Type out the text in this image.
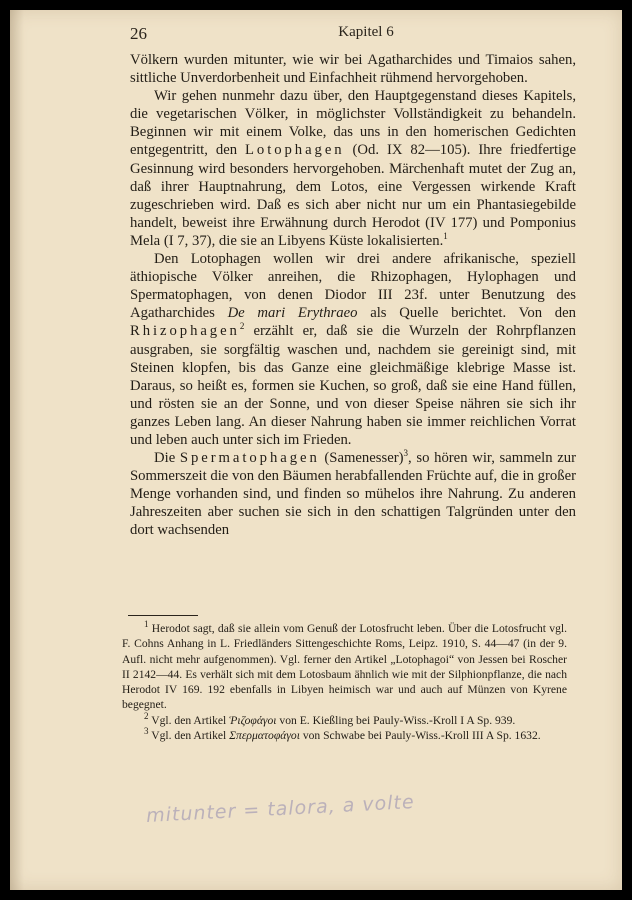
26	Kapitel 6

Völkern wurden mitunter, wie wir bei Agatharchides und Timaios sahen, sittliche Unverdorbenheit und Einfachheit rühmend hervorgehoben.

Wir gehen nunmehr dazu über, den Hauptgegenstand dieses Kapitels, die vegetarischen Völker, in möglichster Vollständigkeit zu behandeln. Beginnen wir mit einem Volke, das uns in den homerischen Gedichten entgegentritt, den Lotophagen (Od. IX 82—105). Ihre friedfertige Gesinnung wird besonders hervorgehoben. Märchenhaft mutet der Zug an, daß ihrer Hauptnahrung, dem Lotos, eine Vergessen wirkende Kraft zugeschrieben wird. Daß es sich aber nicht nur um ein Phantasiegebilde handelt, beweist ihre Erwähnung durch Herodot (IV 177) und Pomponius Mela (I 7, 37), die sie an Libyens Küste lokalisierten.$^1$

Den Lotophagen wollen wir drei andere afrikanische, speziell äthiopische Völker anreihen, die Rhizophagen, Hylophagen und Spermatophagen, von denen Diodor III 23f. unter Benutzung des Agatharchides De mari Erythraeo als Quelle berichtet. Von den Rhizophagen$^2$ erzählt er, daß sie die Wurzeln der Rohrpflanzen ausgraben, sie sorgfältig waschen und, nachdem sie gereinigt sind, mit Steinen klopfen, bis das Ganze eine gleichmäßige klebrige Masse ist. Daraus, so heißt es, formen sie Kuchen, so groß, daß sie eine Hand füllen, und rösten sie an der Sonne, und von dieser Speise nähren sie sich ihr ganzes Leben lang. An dieser Nahrung haben sie immer reichlichen Vorrat und leben auch unter sich im Frieden.

Die Spermatophagen (Samenesser)$^3$, so hören wir, sammeln zur Sommerszeit die von den Bäumen herabfallenden Früchte auf, die in großer Menge vorhanden sind, und finden so mühelos ihre Nahrung. Zu anderen Jahreszeiten aber suchen sie sich in den schattigen Talgründen unter den dort wachsenden

$^1$ Herodot sagt, daß sie allein vom Genuß der Lotosfrucht leben. Über die Lotosfrucht vgl. F. Cohns Anhang in L. Friedländers Sittengeschichte Roms, Leipz. 1910, S. 44—47 (in der 9. Aufl. nicht mehr aufgenommen). Vgl. ferner den Artikel „Lotophagoi“ von Jessen bei Roscher II 2142—44. Es verhält sich mit dem Lotosbaum ähnlich wie mit der Silphionpflanze, die nach Herodot IV 169. 192 ebenfalls in Libyen heimisch war und auch auf Münzen von Kyrene begegnet.

$^2$ Vgl. den Artikel Ῥιζοφάγοι von E. Kießling bei Pauly-Wiss.-Kroll I A Sp. 939.

$^3$ Vgl. den Artikel Σπερματοφάγοι von Schwabe bei Pauly-Wiss.-Kroll III A Sp. 1632.

mitunter = talora, a volte
